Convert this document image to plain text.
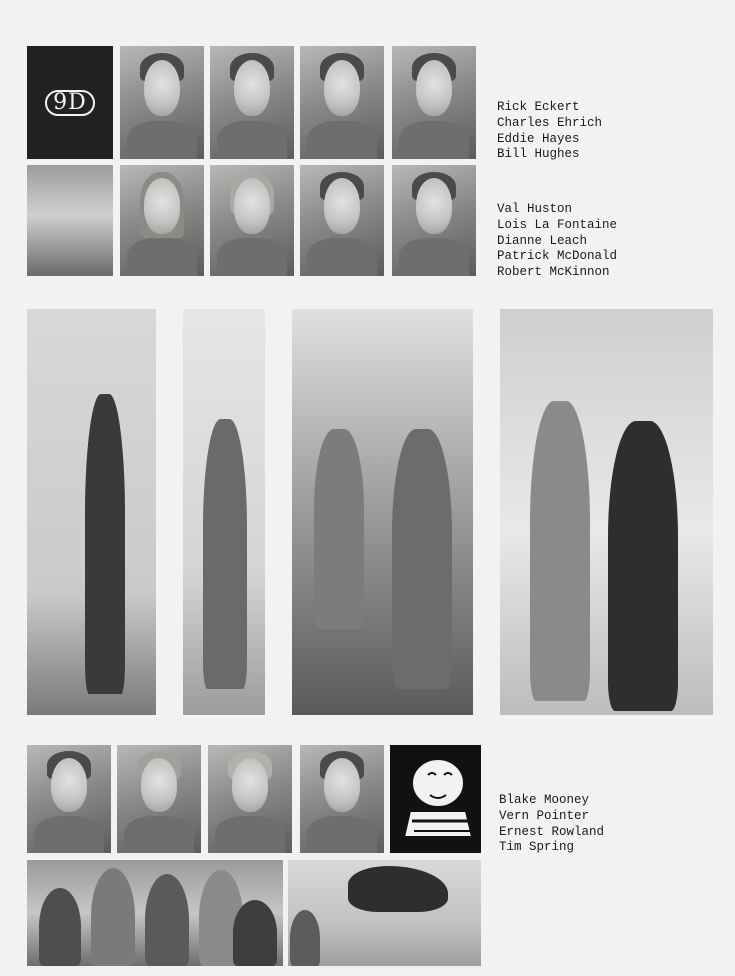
9D	Rick Eckert
Charles Ehrich
Eddie Hayes
Bill Hughes
Val Huston
Lois La Fontaine
Dianne Leach
Patrick McDonald
Robert McKinnon
Blake Mooney
Vern Pointer
Ernest Rowland
Tim Spring
